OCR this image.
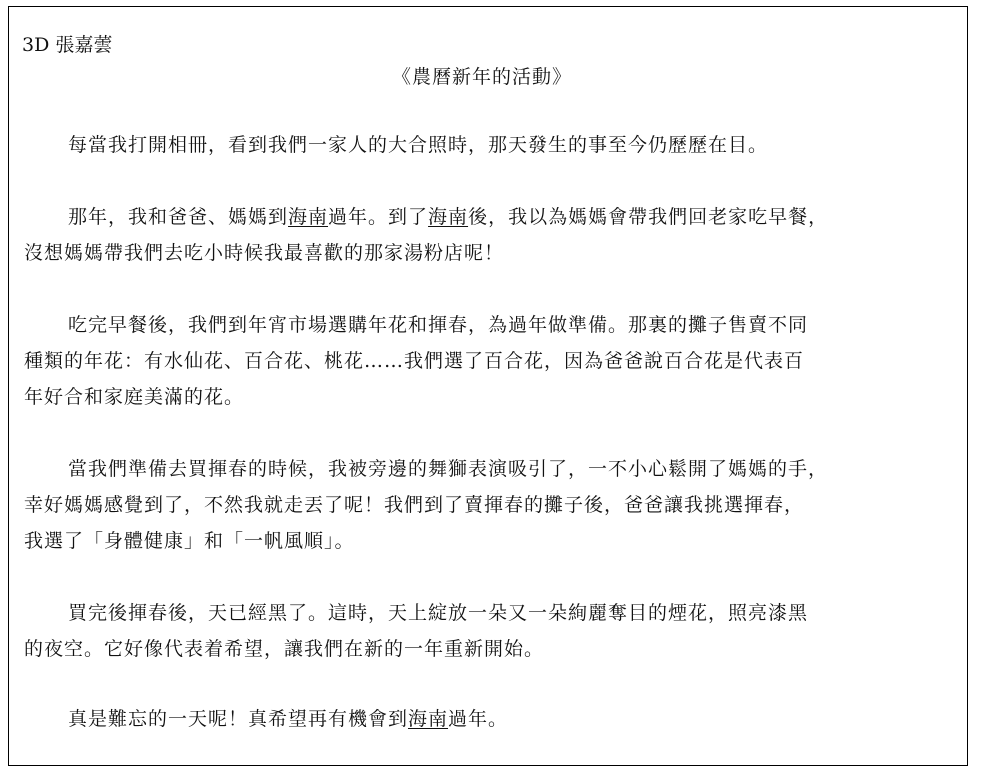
3D 張嘉蕓
《農曆新年的活動》
每當我打開相冊，看到我們一家人的大合照時，那天發生的事至今仍歷歷在目。
那年，我和爸爸、媽媽到海南過年。到了海南後，我以為媽媽會帶我們回老家吃早餐，
沒想媽媽帶我們去吃小時候我最喜歡的那家湯粉店呢！
吃完早餐後，我們到年宵市場選購年花和揮春，為過年做準備。那裏的攤子售賣不同
種類的年花：有水仙花、百合花、桃花……我們選了百合花，因為爸爸說百合花是代表百
年好合和家庭美滿的花。
當我們準備去買揮春的時候，我被旁邊的舞獅表演吸引了，一不小心鬆開了媽媽的手，
幸好媽媽感覺到了，不然我就走丟了呢！我們到了賣揮春的攤子後，爸爸讓我挑選揮春，
我選了「身體健康」和「一帆風順」。
買完後揮春後，天已經黑了。這時，天上綻放一朵又一朵絢麗奪目的煙花，照亮漆黑
的夜空。它好像代表着希望，讓我們在新的一年重新開始。
真是難忘的一天呢！真希望再有機會到海南過年。
